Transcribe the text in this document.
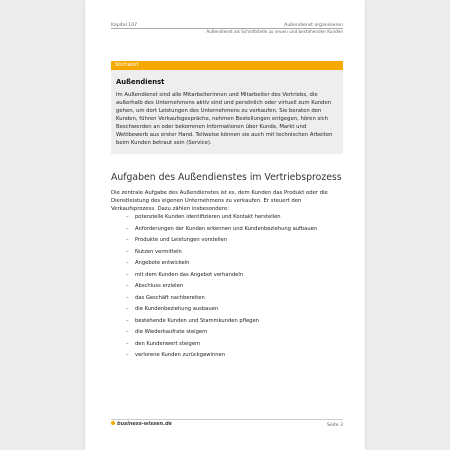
Kapitel 107	Außendienst organisieren
Außendienst als Schnittstelle zu neuen und bestehenden Kunden
Stichwort
Außendienst
Im Außendienst sind alle Mitarbeiterinnen und Mitarbeiter des Vertriebs, die außerhalb des Unternehmens aktiv sind und persönlich oder virtuell zum Kunden gehen, um dort Leistungen des Unternehmens zu verkaufen. Sie beraten den Kunden, führen Verkaufsgespräche, nehmen Bestellungen entgegen, hören sich Beschwerden an oder bekommen Informationen über Kunde, Markt und Wettbewerb aus erster Hand. Teilweise können sie auch mit technischen Arbeiten beim Kunden betraut sein (Service).
Aufgaben des Außendienstes im Vertriebsprozess
Die zentrale Aufgabe des Außendienstes ist es, dem Kunden das Produkt oder die Dienstleistung des eigenen Unternehmens zu verkaufen. Er steuert den Verkaufsprozess. Dazu zählen insbesondere:
– potenzielle Kunden identifizieren und Kontakt herstellen
– Anforderungen der Kunden erkennen und Kundenbeziehung aufbauen
– Produkte und Leistungen vorstellen
– Nutzen vermitteln
– Angebote entwickeln
– mit dem Kunden das Angebot verhandeln
– Abschluss erzielen
– das Geschäft nachbereiten
– die Kundenbeziehung ausbauen
– bestehende Kunden und Stammkunden pflegen
– die Wiederkaufrate steigern
– den Kundenwert steigern
– verlorene Kunden zurückgewinnen
business-wissen.de	Seite 3
